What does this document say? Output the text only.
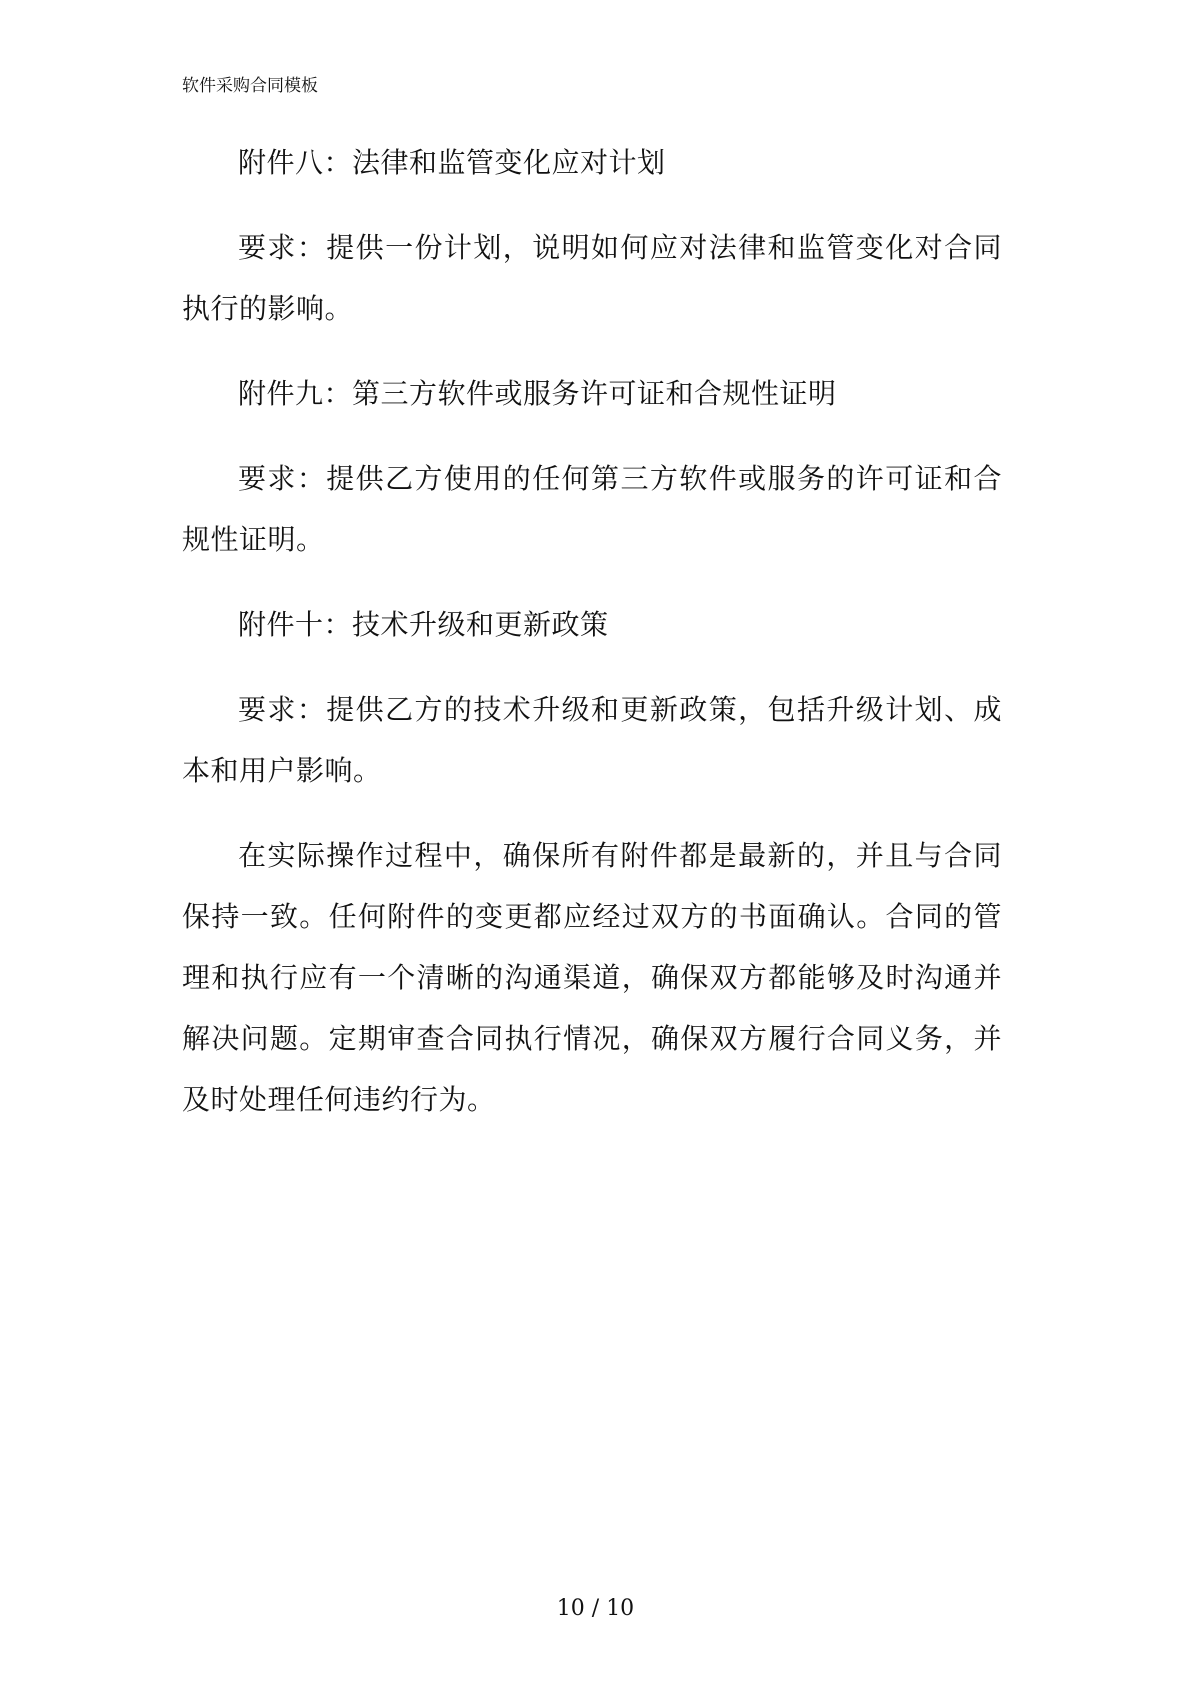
软件采购合同模板

附件八：法律和监管变化应对计划

要求：提供一份计划，说明如何应对法律和监管变化对合同执行的影响。

附件九：第三方软件或服务许可证和合规性证明

要求：提供乙方使用的任何第三方软件或服务的许可证和合规性证明。

附件十：技术升级和更新政策

要求：提供乙方的技术升级和更新政策，包括升级计划、成本和用户影响。

在实际操作过程中，确保所有附件都是最新的，并且与合同保持一致。任何附件的变更都应经过双方的书面确认。合同的管理和执行应有一个清晰的沟通渠道，确保双方都能够及时沟通并解决问题。定期审查合同执行情况，确保双方履行合同义务，并及时处理任何违约行为。

10 / 10
